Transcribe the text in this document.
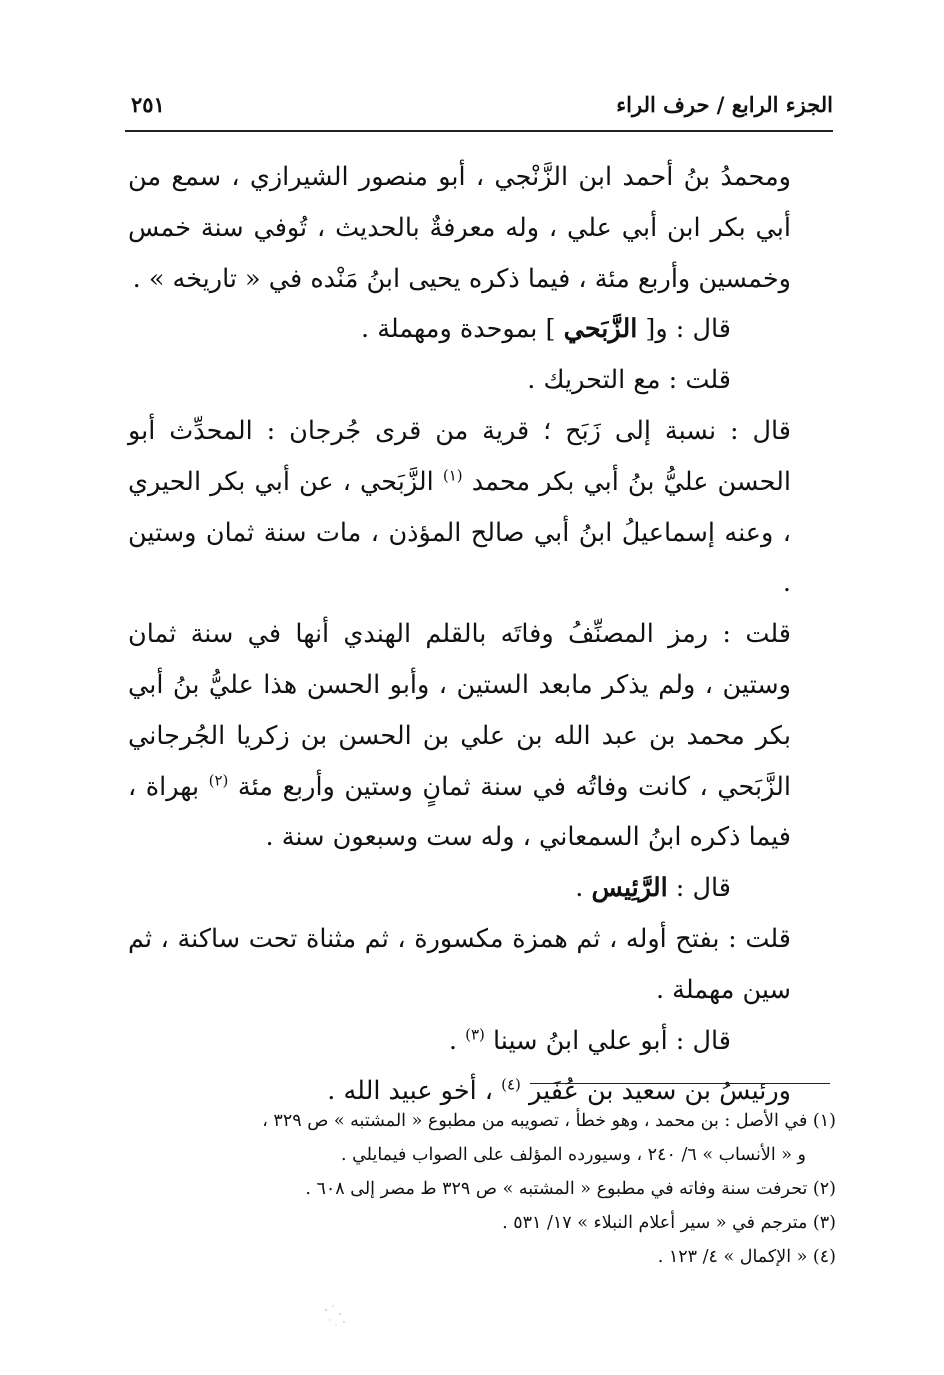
الجزء الرابع / حرف الراء
٢٥١

ومحمدُ بنُ أحمد ابن الزَّنْجي ، أبو منصور الشيرازي ، سمع من أبي بكر ابن أبي علي ، وله معرفةٌ بالحديث ، تُوفي سنة خمس وخمسين وأربع مئة ، فيما ذكره يحيى ابنُ مَنْده في « تاريخه » .

قال : و[ الزَّبَحي ] بموحدة ومهملة .

قلت : مع التحريك .

قال : نسبة إلى زَبَح ؛ قرية من قرى جُرجان : المحدِّث أبو الحسن عليُّ بنُ أبي بكر محمد $^{(١)}$ الزَّبَحي ، عن أبي بكر الحيري ، وعنه إسماعيلُ ابنُ أبي صالح المؤذن ، مات سنة ثمان وستين .

قلت : رمز المصنِّفُ وفاتَه بالقلم الهندي أنها في سنة ثمان وستين ، ولم يذكر مابعد الستين ، وأبو الحسن هذا عليُّ بنُ أبي بكر محمد بن عبد الله بن علي بن الحسن بن زكريا الجُرجاني الزَّبَحي ، كانت وفاتُه في سنة ثمانٍ وستين وأربع مئة $^{(٢)}$ بهراة ، فيما ذكره ابنُ السمعاني ، وله ست وسبعون سنة .

قال : الرَّئِيس .

قلت : بفتح أوله ، ثم همزة مكسورة ، ثم مثناة تحت ساكنة ، ثم سين مهملة .

قال : أبو علي ابنُ سينا $^{(٣)}$ .

ورئيسُ بن سعيد بن عُفَير $^{(٤)}$ ، أخو عبيد الله .

(١) في الأصل : بن محمد ، وهو خطأ ، تصويبه من مطبوع « المشتبه » ص ٣٢٩ ،

و « الأنساب » ٦/ ٢٤٠ ، وسيورده المؤلف على الصواب فيمايلي .

(٢) تحرفت سنة وفاته في مطبوع « المشتبه » ص ٣٢٩ ط مصر إلى ٦٠٨ .

(٣) مترجم في « سير أعلام النبلاء » ١٧/ ٥٣١ .

(٤) « الإكمال » ٤/ ١٢٣ .
